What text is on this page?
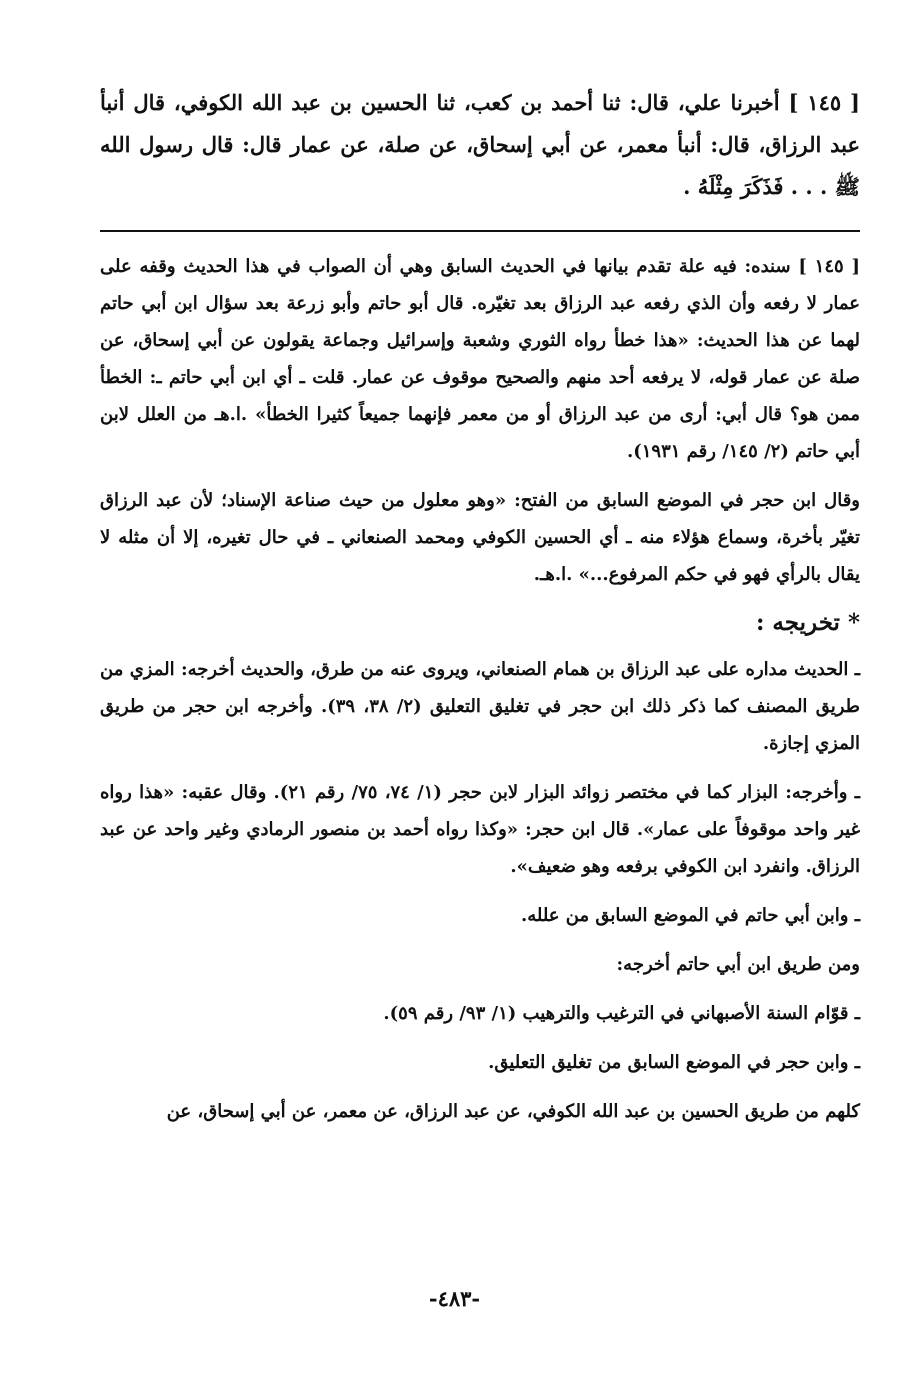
[ ١٤٥ ] أخبرنا علي، قال: ثنا أحمد بن كعب، ثنا الحسين بن عبد الله الكوفي، قال أنبأ عبد الرزاق، قال: أنبأ معمر، عن أبي إسحاق، عن صلة، عن عمار قال: قال رسول الله ﷺ . . . فَذَكَرَ مِثْلَهُ .

[ ١٤٥ ] سنده: فيه علة تقدم بيانها في الحديث السابق وهي أن الصواب في هذا الحديث وقفه على عمار لا رفعه وأن الذي رفعه عبد الرزاق بعد تغيّره. قال أبو حاتم وأبو زرعة بعد سؤال ابن أبي حاتم لهما عن هذا الحديث: «هذا خطأ رواه الثوري وشعبة وإسرائيل وجماعة يقولون عن أبي إسحاق، عن صلة عن عمار قوله، لا يرفعه أحد منهم والصحيح موقوف عن عمار. قلت ـ أي ابن أبي حاتم ـ: الخطأ ممن هو؟ قال أبي: أرى من عبد الرزاق أو من معمر فإنهما جميعاً كثيرا الخطأ» .ا.هـ من العلل لابن أبي حاتم (٢/ ١٤٥/ رقم ١٩٣١).

وقال ابن حجر في الموضع السابق من الفتح: «وهو معلول من حيث صناعة الإسناد؛ لأن عبد الرزاق تغيّر بأخرة، وسماع هؤلاء منه ـ أي الحسين الكوفي ومحمد الصنعاني ـ في حال تغيره، إلا أن مثله لا يقال بالرأي فهو في حكم المرفوع...» .ا.هـ.

* تخريجه :

ـ الحديث مداره على عبد الرزاق بن همام الصنعاني، ويروى عنه من طرق، والحديث أخرجه: المزي من طريق المصنف كما ذكر ذلك ابن حجر في تغليق التعليق (٢/ ٣٨، ٣٩). وأخرجه ابن حجر من طريق المزي إجازة.

ـ وأخرجه: البزار كما في مختصر زوائد البزار لابن حجر (١/ ٧٤، ٧٥/ رقم ٢١). وقال عقبه: «هذا رواه غير واحد موقوفاً على عمار». قال ابن حجر: «وكذا رواه أحمد بن منصور الرمادي وغير واحد عن عبد الرزاق. وانفرد ابن الكوفي برفعه وهو ضعيف».

ـ وابن أبي حاتم في الموضع السابق من علله.

ومن طريق ابن أبي حاتم أخرجه:

ـ قوّام السنة الأصبهاني في الترغيب والترهيب (١/ ٩٣/ رقم ٥٩).

ـ وابن حجر في الموضع السابق من تغليق التعليق.

كلهم من طريق الحسين بن عبد الله الكوفي، عن عبد الرزاق، عن معمر، عن أبي إسحاق، عن

-٤٨٣-
